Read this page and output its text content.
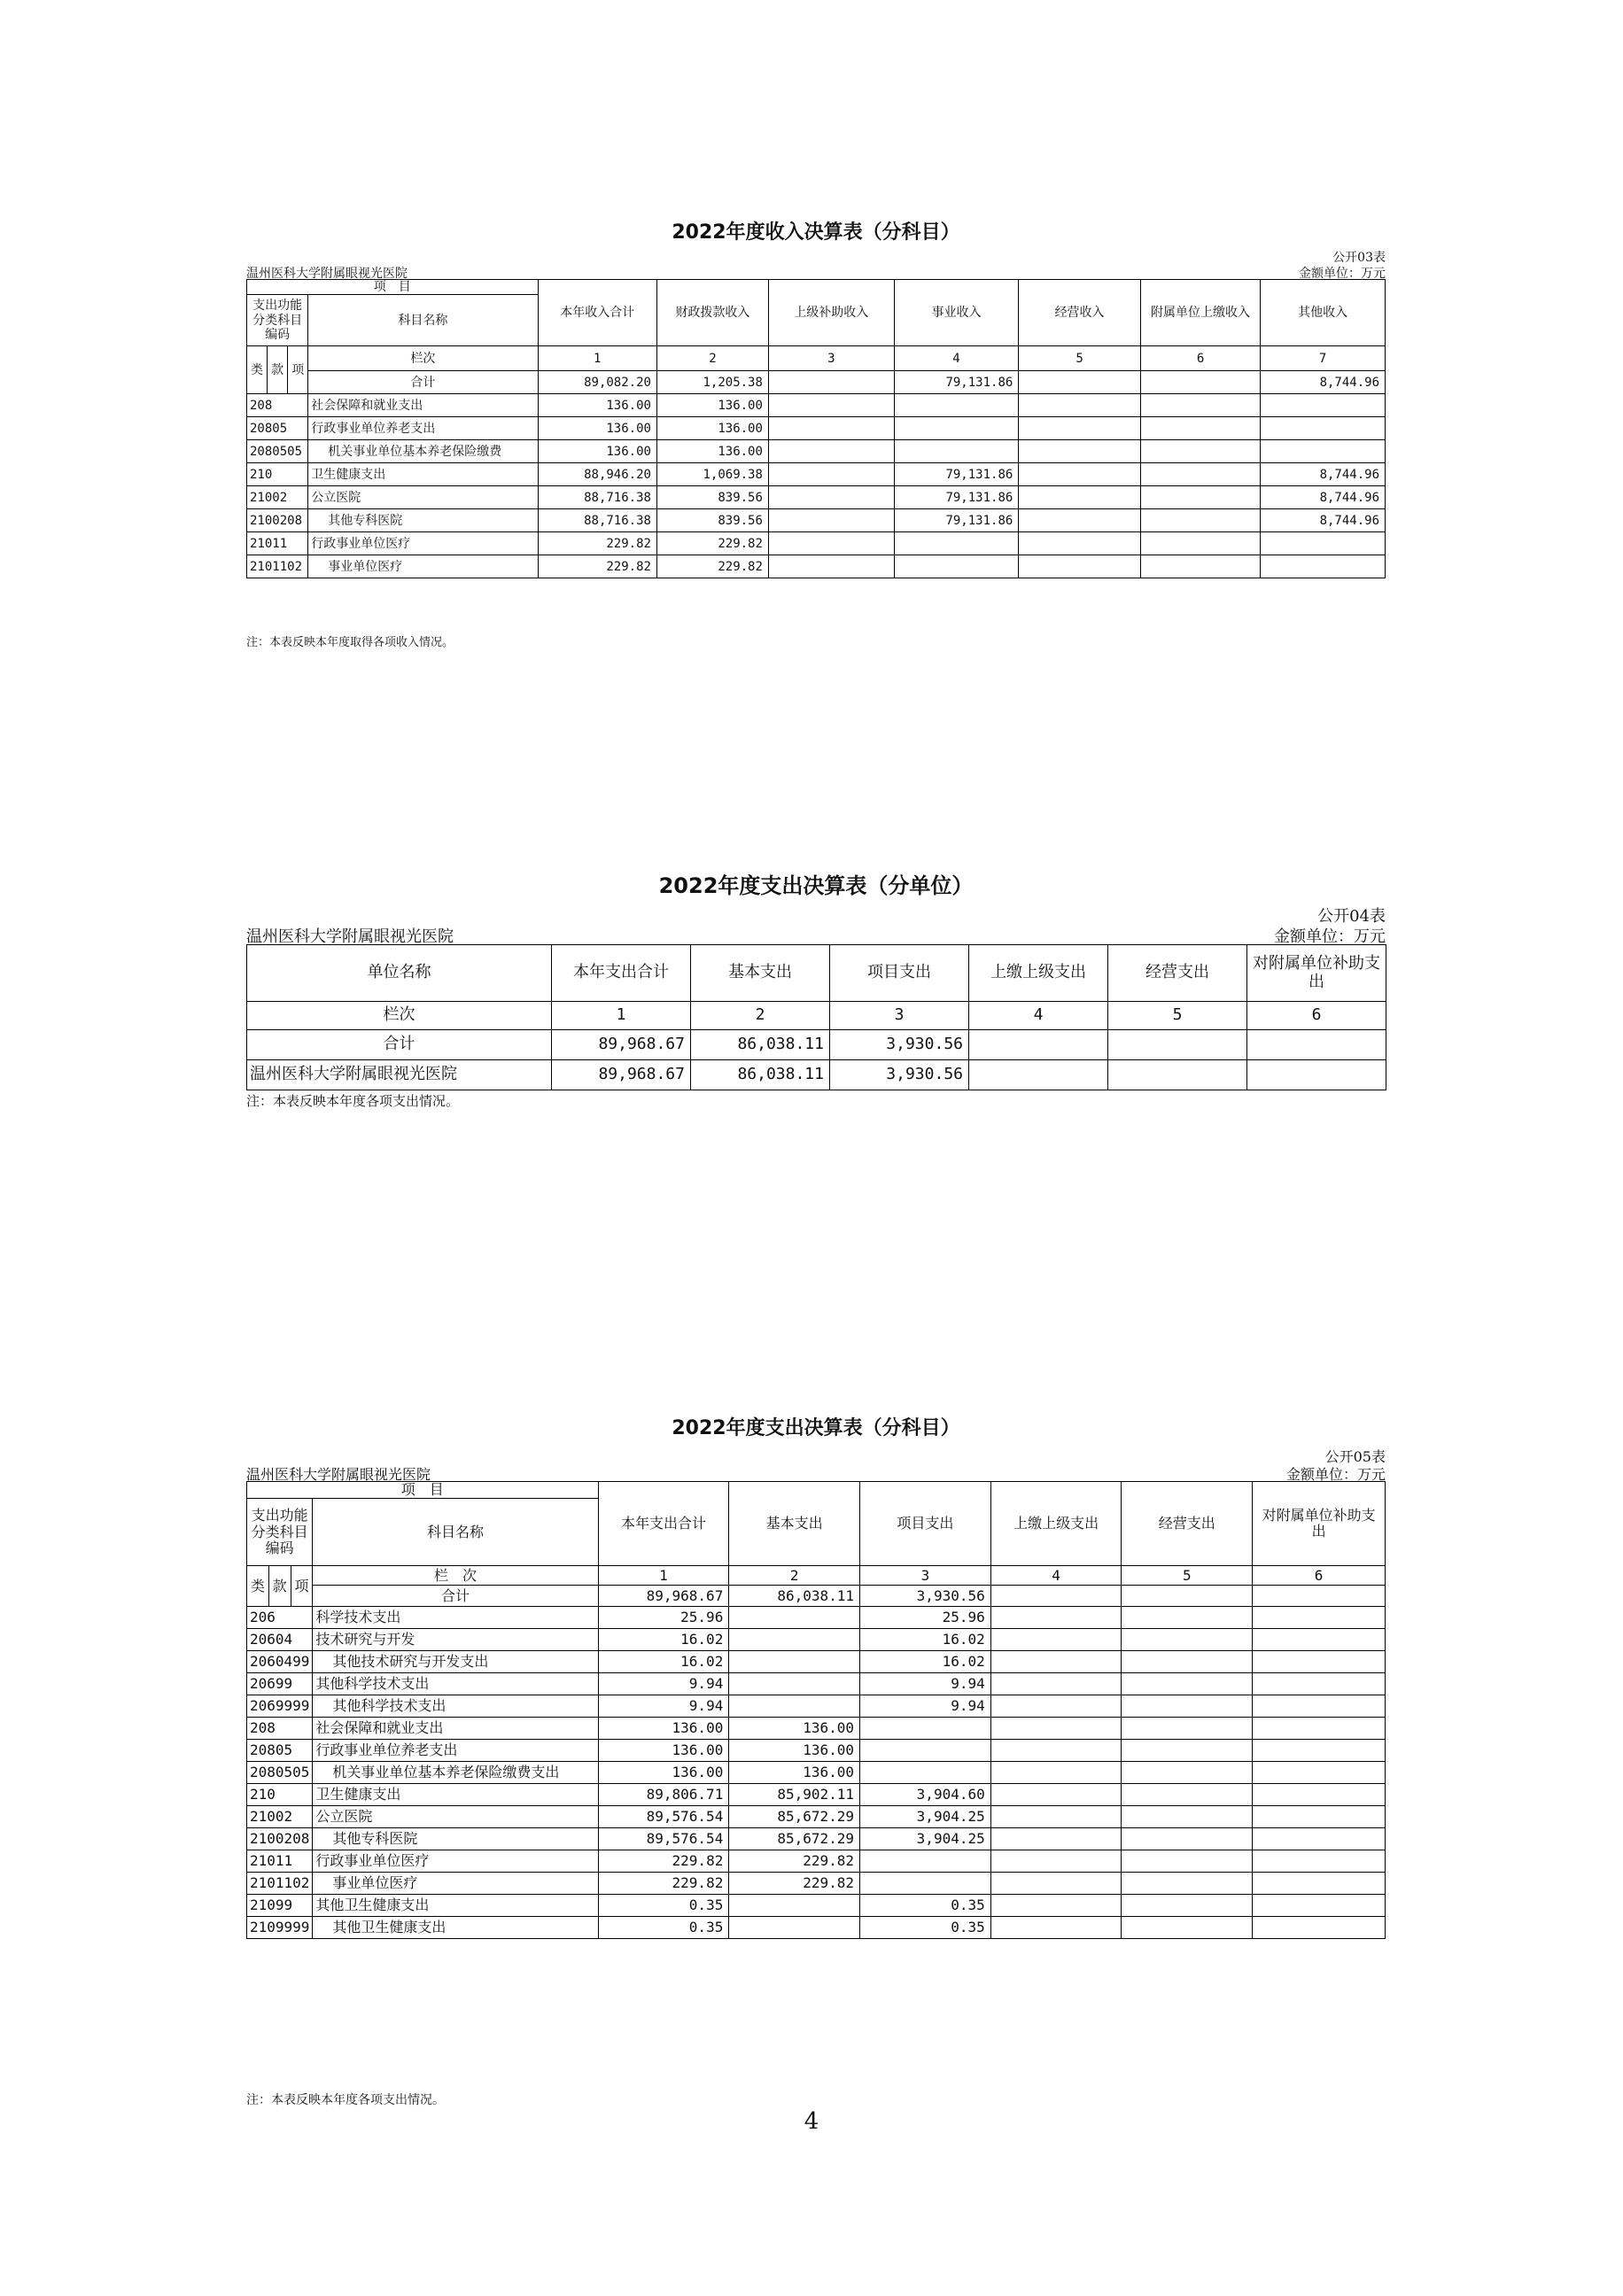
2022年度收入决算表（分科目）
公开03表
温州医科大学附属眼视光医院	金额单位：万元
项　目				本年收入合计	财政拨款收入	上级补助收入	事业收入	经营收入	附属单位上缴收入	其他收入
支出功能分类科目编码			科目名称							
类	款	项	栏次	1	2	3	4	5	6	7
			合计	89,082.20	1,205.38		79,131.86			8,744.96
208			社会保障和就业支出	136.00	136.00					
20805			行政事业单位养老支出	136.00	136.00					
2080505			机关事业单位基本养老保险缴费	136.00	136.00					
210			卫生健康支出	88,946.20	1,069.38		79,131.86			8,744.96
21002			公立医院	88,716.38	839.56		79,131.86			8,744.96
2100208			其他专科医院	88,716.38	839.56		79,131.86			8,744.96
21011			行政事业单位医疗	229.82	229.82					
2101102			事业单位医疗	229.82	229.82					
注：本表反映本年度取得各项收入情况。
2022年度支出决算表（分单位）
公开04表
温州医科大学附属眼视光医院	金额单位：万元
单位名称	本年支出合计	基本支出	项目支出	上缴上级支出	经营支出	对附属单位补助支出
栏次	1	2	3	4	5	6
合计	89,968.67	86,038.11	3,930.56			
温州医科大学附属眼视光医院	89,968.67	86,038.11	3,930.56			
注：本表反映本年度各项支出情况。
2022年度支出决算表（分科目）
公开05表
温州医科大学附属眼视光医院	金额单位：万元
项　目				本年支出合计	基本支出	项目支出	上缴上级支出	经营支出	对附属单位补助支出
支出功能分类科目编码			科目名称						
类	款	项	栏　次	1	2	3	4	5	6
			合计	89,968.67	86,038.11	3,930.56			
206			科学技术支出	25.96		25.96			
20604			技术研究与开发	16.02		16.02			
2060499			其他技术研究与开发支出	16.02		16.02			
20699			其他科学技术支出	9.94		9.94			
2069999			其他科学技术支出	9.94		9.94			
208			社会保障和就业支出	136.00	136.00				
20805			行政事业单位养老支出	136.00	136.00				
2080505			机关事业单位基本养老保险缴费支出	136.00	136.00				
210			卫生健康支出	89,806.71	85,902.11	3,904.60			
21002			公立医院	89,576.54	85,672.29	3,904.25			
2100208			其他专科医院	89,576.54	85,672.29	3,904.25			
21011			行政事业单位医疗	229.82	229.82				
2101102			事业单位医疗	229.82	229.82				
21099			其他卫生健康支出	0.35		0.35			
2109999			其他卫生健康支出	0.35		0.35			
注：本表反映本年度各项支出情况。
4
